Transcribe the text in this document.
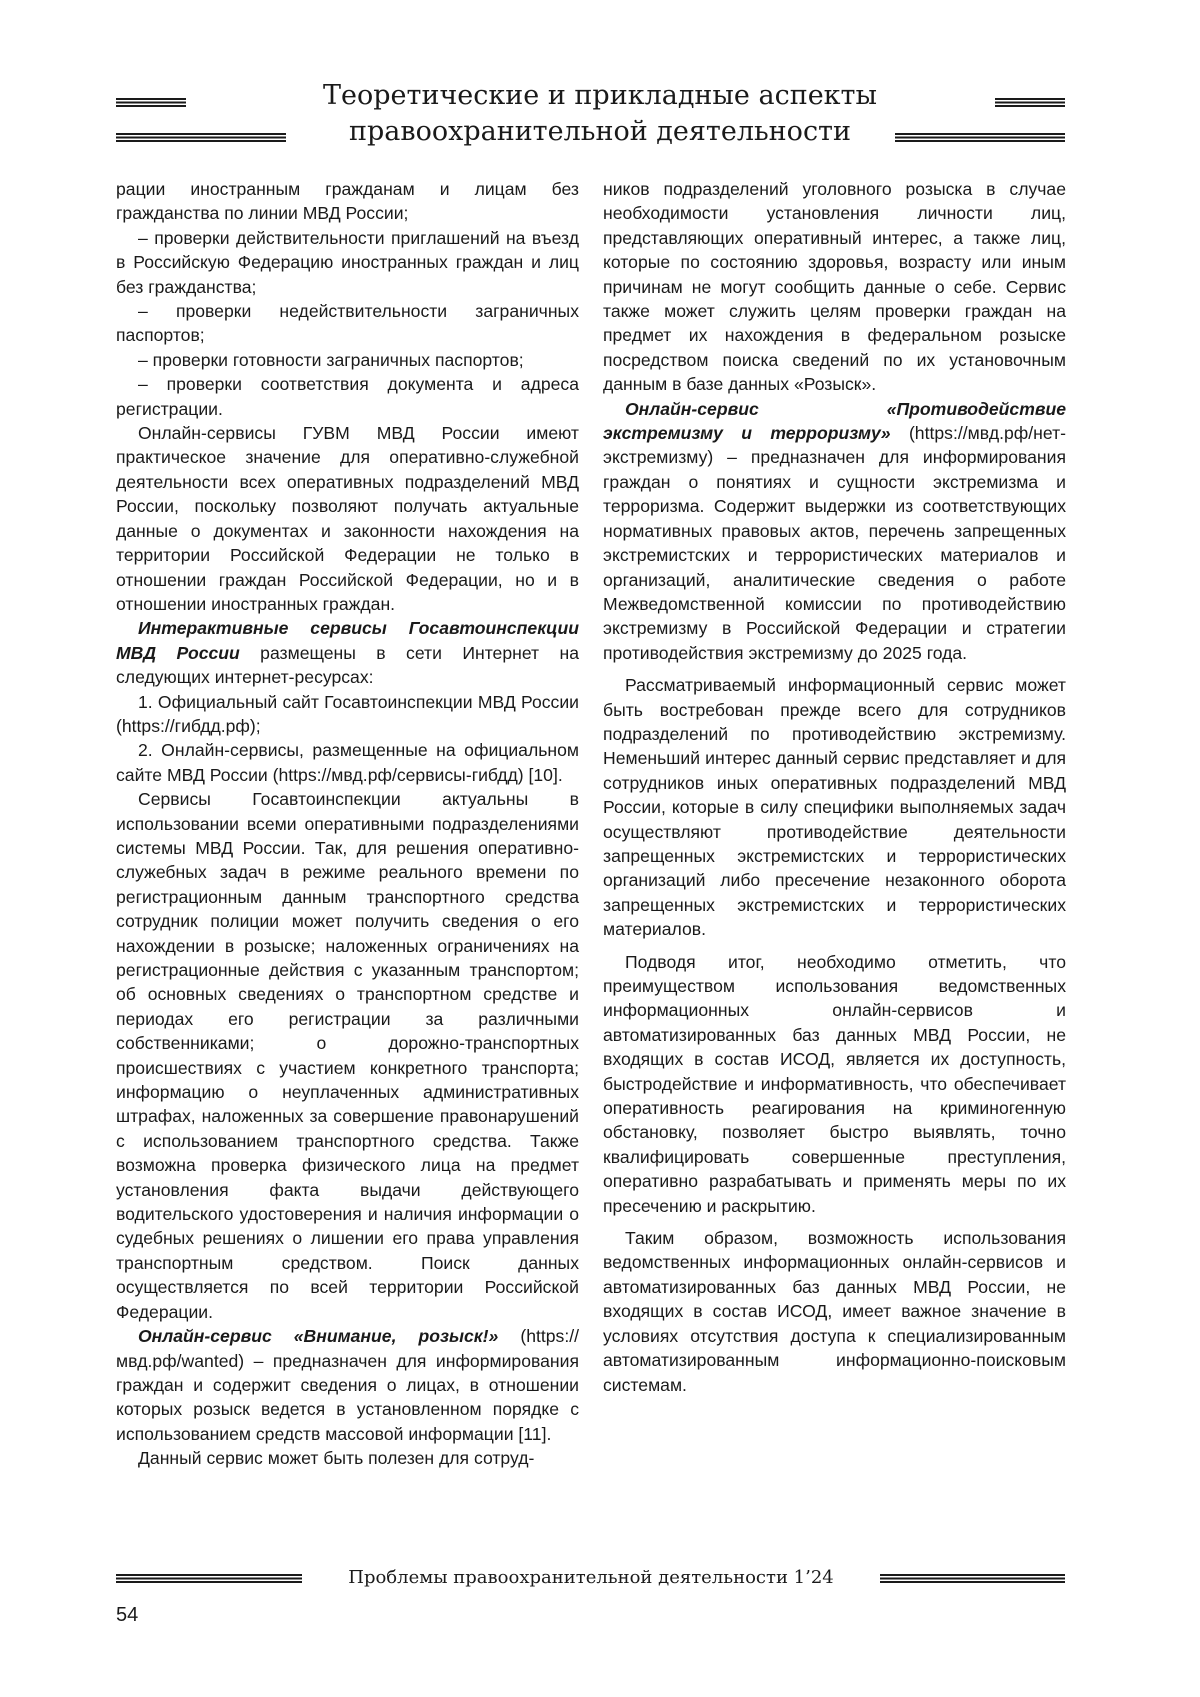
Теоретические и прикладные аспекты
правоохранительной деятельности

рации иностранным гражданам и лицам без гражданства по линии МВД России;

– проверки действительности приглашений на въезд в Российскую Федерацию иностранных граждан и лиц без гражданства;

– проверки недействительности заграничных паспортов;

– проверки готовности заграничных паспортов;

– проверки соответствия документа и адреса регистрации.

Онлайн-сервисы ГУВМ МВД России имеют практическое значение для оперативно-служебной деятельности всех оперативных подразделений МВД России, поскольку позволяют получать актуальные данные о документах и законности нахождения на территории Российской Федерации не только в отношении граждан Российской Федерации, но и в отношении иностранных граждан.

Интерактивные сервисы Госавтоинспекции МВД России размещены в сети Интернет на следующих интернет-ресурсах:

1. Официальный сайт Госавтоинспекции МВД России (https://гибдд.рф);

2. Онлайн-сервисы, размещенные на официальном сайте МВД России (https://мвд.рф/сервисы-гибдд) [10].

Сервисы Госавтоинспекции актуальны в использовании всеми оперативными подразделениями системы МВД России. Так, для решения оперативно-служебных задач в режиме реального времени по регистрационным данным транспортного средства сотрудник полиции может получить сведения о его нахождении в розыске; наложенных ограничениях на регистрационные действия с указанным транспортом; об основных сведениях о транспортном средстве и периодах его регистрации за различными собственниками; о дорожно-транспортных происшествиях с участием конкретного транспорта; информацию о неуплаченных административных штрафах, наложенных за совершение правонарушений с использованием транспортного средства. Также возможна проверка физического лица на предмет установления факта выдачи действующего водительского удостоверения и наличия информации о судебных решениях о лишении его права управления транспортным средством. Поиск данных осуществляется по всей территории Российской Федерации.

Онлайн-сервис «Внимание, розыск!» (https://мвд.рф/wanted) – предназначен для информирования граждан и содержит сведения о лицах, в отношении которых розыск ведется в установленном порядке с использованием средств массовой информации [11].

Данный сервис может быть полезен для сотруд-

ников подразделений уголовного розыска в случае необходимости установления личности лиц, представляющих оперативный интерес, а также лиц, которые по состоянию здоровья, возрасту или иным причинам не могут сообщить данные о себе. Сервис также может служить целям проверки граждан на предмет их нахождения в федеральном розыске посредством поиска сведений по их установочным данным в базе данных «Розыск».

Онлайн-сервис «Противодействие экстремизму и терроризму» (https://мвд.рф/нет-экстремизму) – предназначен для информирования граждан о понятиях и сущности экстремизма и терроризма. Содержит выдержки из соответствующих нормативных правовых актов, перечень запрещенных экстремистских и террористических материалов и организаций, аналитические сведения о работе Межведомственной комиссии по противодействию экстремизму в Российской Федерации и стратегии противодействия экстремизму до 2025 года.

Рассматриваемый информационный сервис может быть востребован прежде всего для сотрудников подразделений по противодействию экстремизму. Неменьший интерес данный сервис представляет и для сотрудников иных оперативных подразделений МВД России, которые в силу специфики выполняемых задач осуществляют противодействие деятельности запрещенных экстремистских и террористических организаций либо пресечение незаконного оборота запрещенных экстремистских и террористических материалов.

Подводя итог, необходимо отметить, что преимуществом использования ведомственных информационных онлайн-сервисов и автоматизированных баз данных МВД России, не входящих в состав ИСОД, является их доступность, быстродействие и информативность, что обеспечивает оперативность реагирования на криминогенную обстановку, позволяет быстро выявлять, точно квалифицировать совершенные преступления, оперативно разрабатывать и применять меры по их пресечению и раскрытию.

Таким образом, возможность использования ведомственных информационных онлайн-сервисов и автоматизированных баз данных МВД России, не входящих в состав ИСОД, имеет важное значение в условиях отсутствия доступа к специализированным автоматизированным информационно-поисковым системам.

Проблемы правоохранительной деятельности 1’24
54
